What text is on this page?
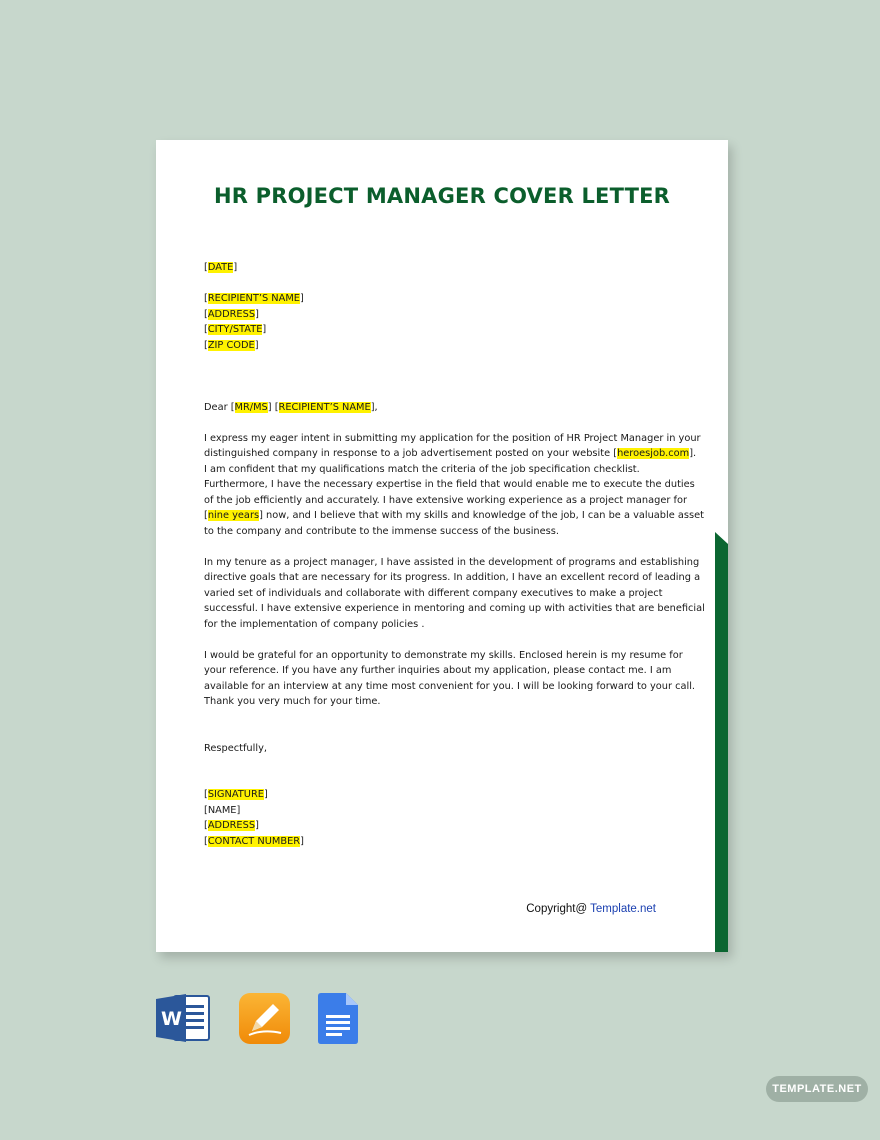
HR PROJECT MANAGER COVER LETTER
[DATE]
[RECIPIENT’S NAME]
[ADDRESS]
[CITY/STATE]
[ZIP CODE]
Dear [MR/MS] [RECIPIENT’S NAME],
I express my eager intent in submitting my application for the position of HR Project Manager in your
distinguished company in response to a job advertisement posted on your website [heroesjob.com].
I am confident that my qualifications match the criteria of the job specification checklist.
Furthermore, I have the necessary expertise in the field that would enable me to execute the duties
of the job efficiently and accurately. I have extensive working experience as a project manager for
[nine years] now, and I believe that with my skills and knowledge of the job, I can be a valuable asset
to the company and contribute to the immense success of the business.
In my tenure as a project manager, I have assisted in the development of programs and establishing
directive goals that are necessary for its progress. In addition, I have an excellent record of leading a
varied set of individuals and collaborate with different company executives to make a project
successful. I have extensive experience in mentoring and coming up with activities that are beneficial
for the implementation of company policies .
I would be grateful for an opportunity to demonstrate my skills. Enclosed herein is my resume for
your reference. If you have any further inquiries about my application, please contact me. I am
available for an interview at any time most convenient for you. I will be looking forward to your call.
Thank you very much for your time.
Respectfully,
[SIGNATURE]
[NAME]
[ADDRESS]
[CONTACT NUMBER]
Copyright@ Template.net
W
TEMPLATE.NET
